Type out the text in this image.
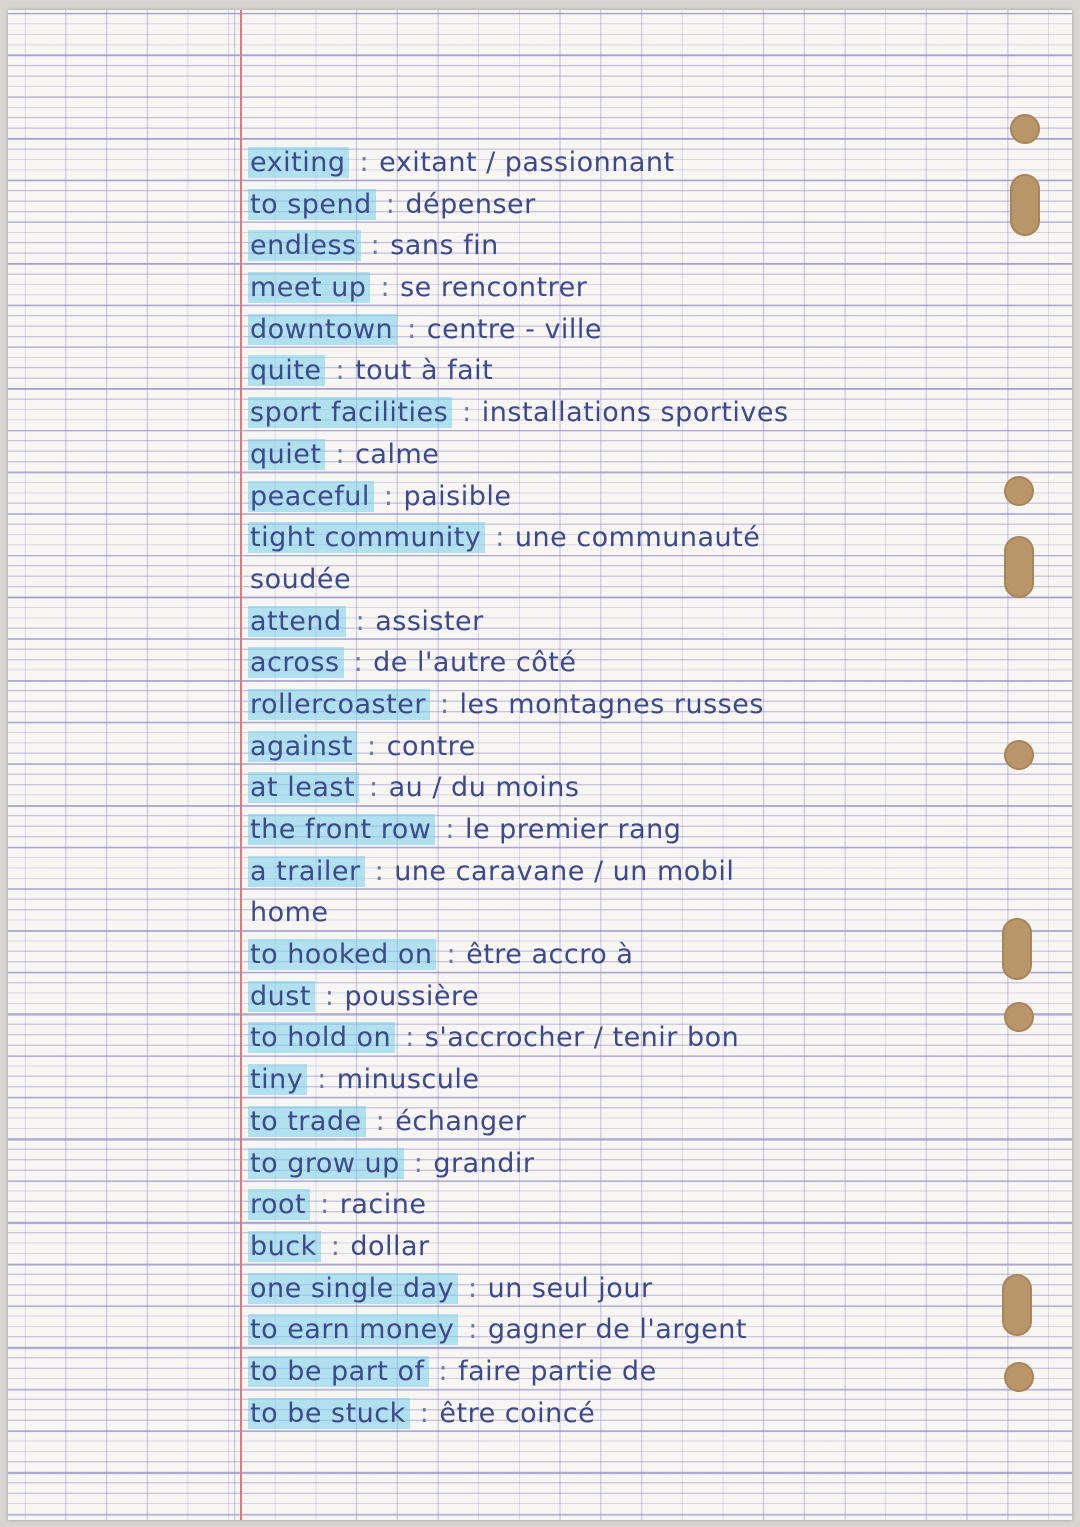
exiting : exitant / passionnant
to spend : dépenser
endless : sans fin
meet up : se rencontrer
downtown : centre - ville
quite : tout à fait
sport facilities : installations sportives
quiet : calme
peaceful : paisible
tight community : une communauté
soudée
attend : assister
across : de l'autre côté
rollercoaster : les montagnes russes
against : contre
at least : au / du moins
the front row : le premier rang
a trailer : une caravane / un mobil
home
to hooked on : être accro à
dust : poussière
to hold on : s'accrocher / tenir bon
tiny : minuscule
to trade : échanger
to grow up : grandir
root : racine
buck : dollar
one single day : un seul jour
to earn money : gagner de l'argent
to be part of : faire partie de
to be stuck : être coincé
